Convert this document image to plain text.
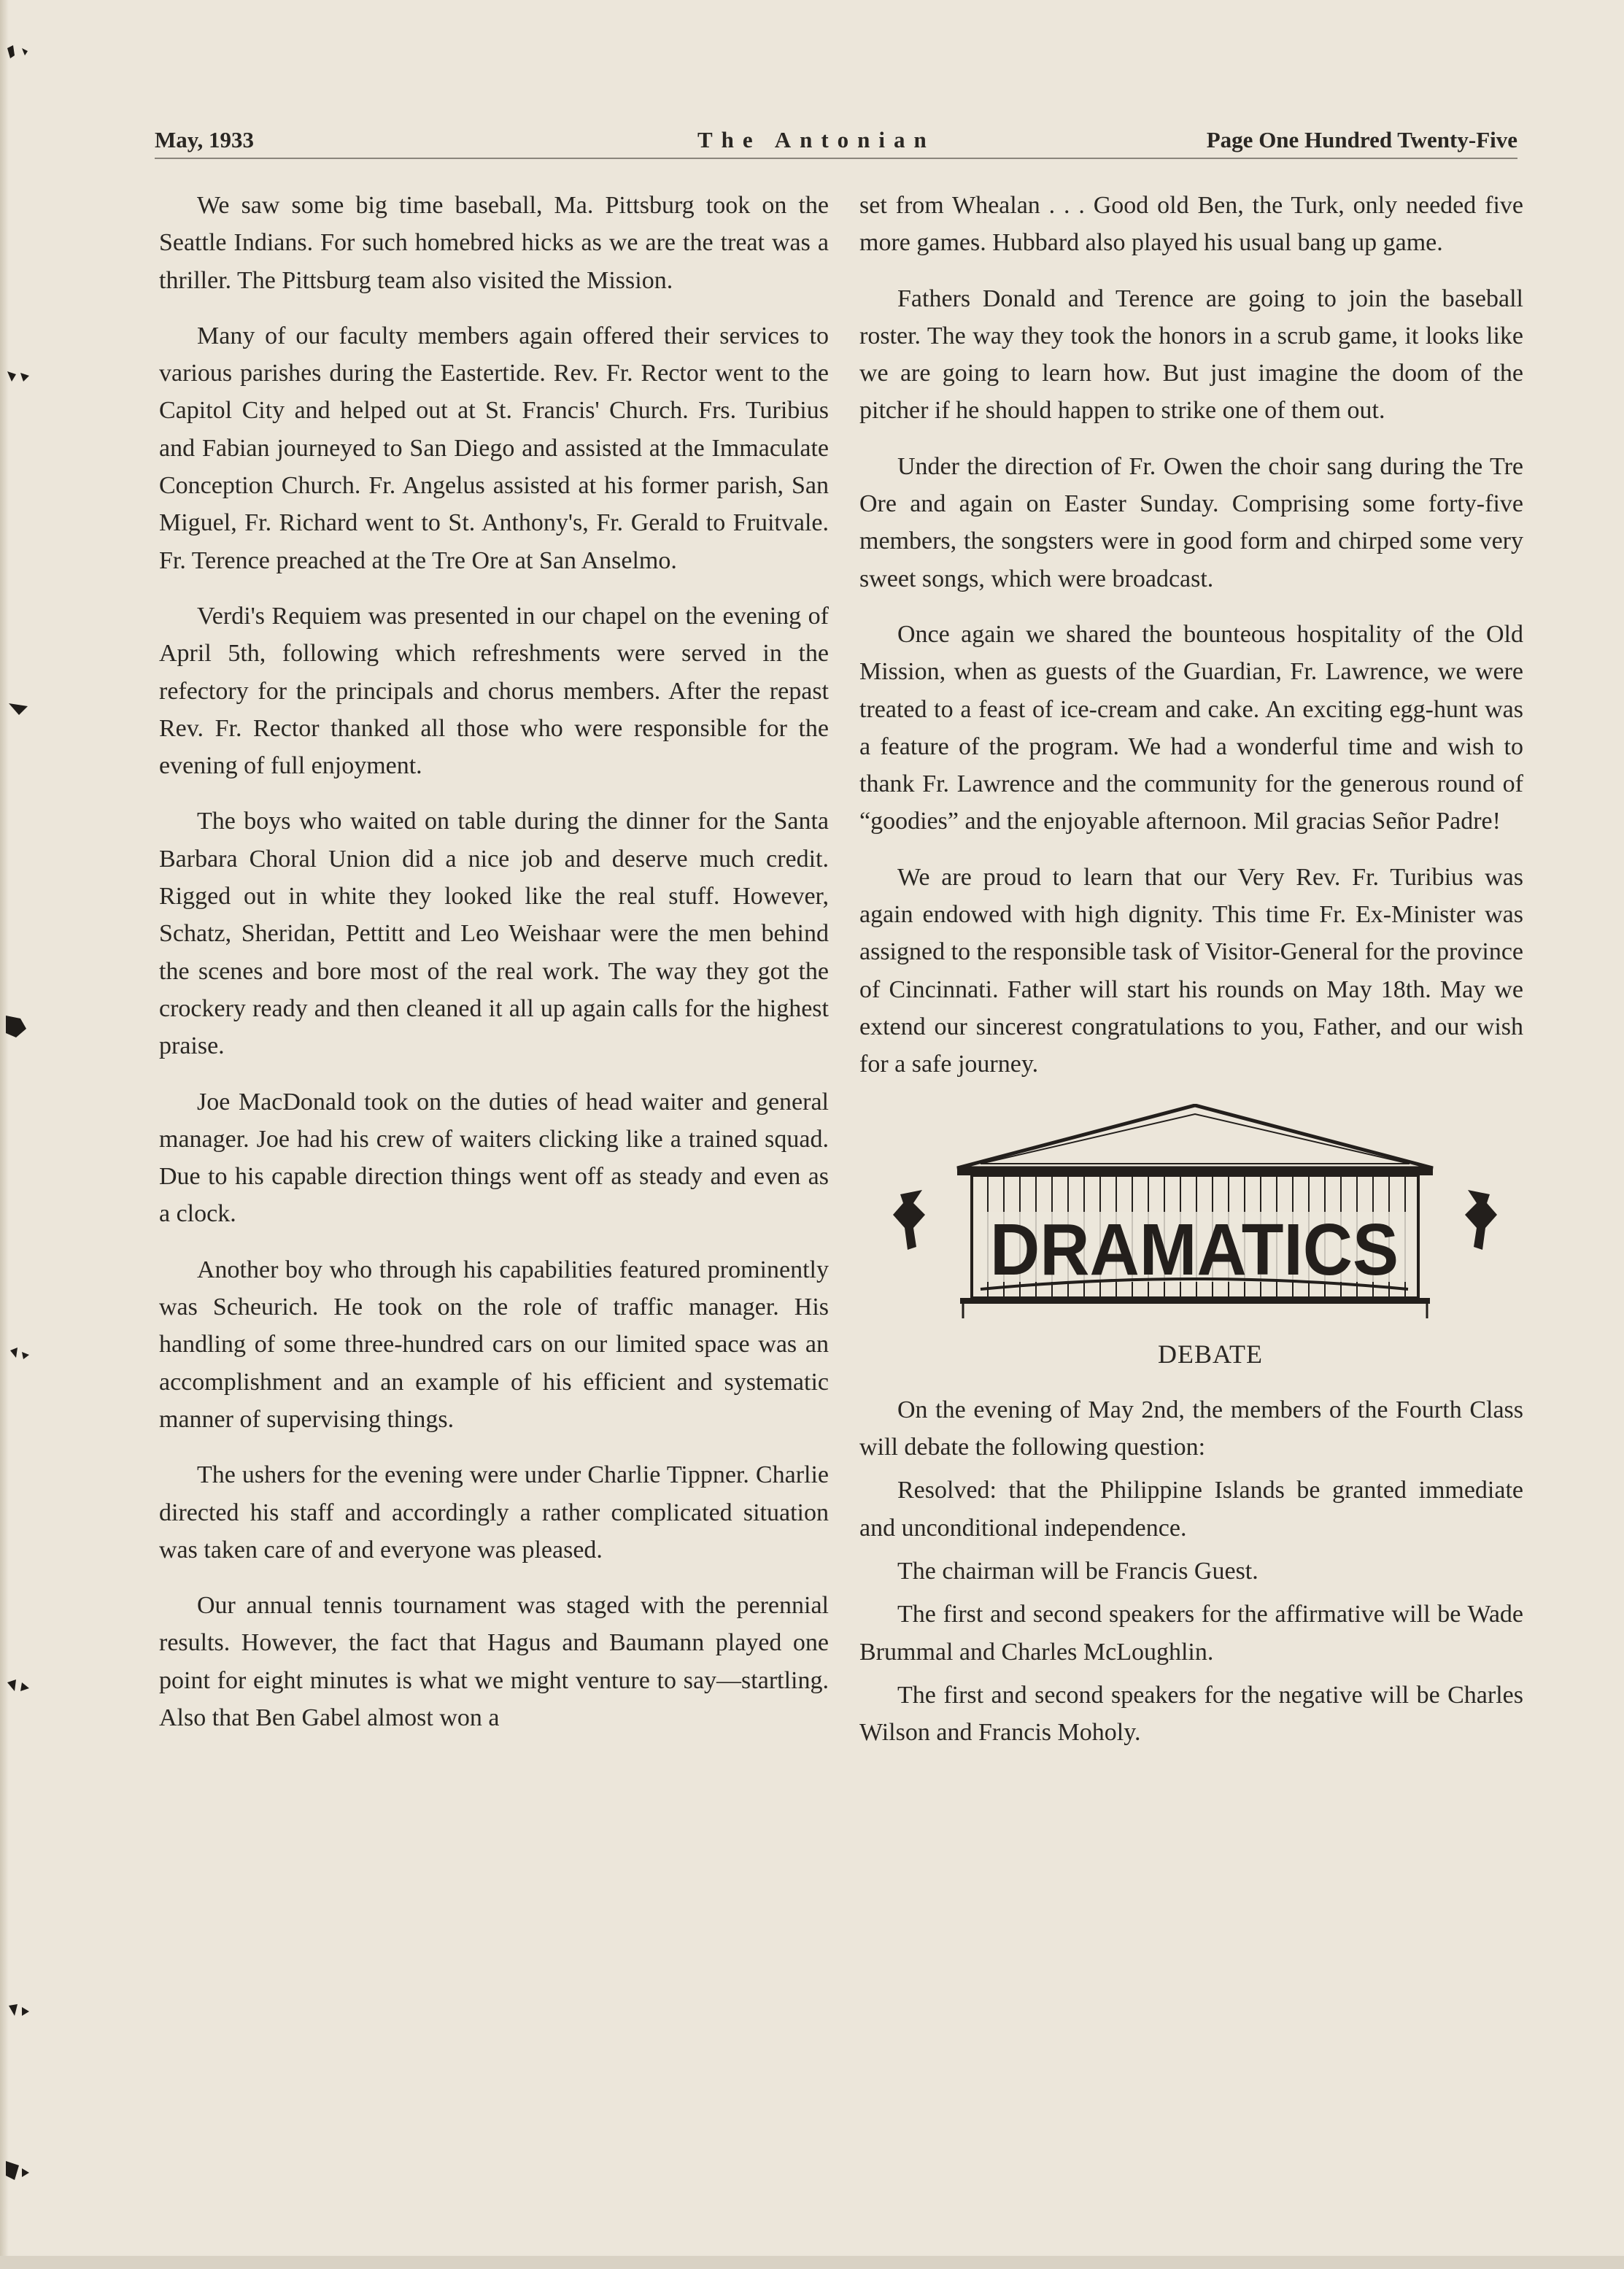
May, 1933	The Antonian	Page One Hundred Twenty-Five

We saw some big time baseball, Ma. Pittsburg took on the Seattle Indians. For such homebred hicks as we are the treat was a thriller. The Pittsburg team also visited the Mission.

Many of our faculty members again offered their services to various parishes during the Eastertide. Rev. Fr. Rector went to the Capitol City and helped out at St. Francis' Church. Frs. Turibius and Fabian journeyed to San Diego and assisted at the Immaculate Conception Church. Fr. Angelus assisted at his former parish, San Miguel, Fr. Richard went to St. Anthony's, Fr. Gerald to Fruitvale. Fr. Terence preached at the Tre Ore at San Anselmo.

Verdi's Requiem was presented in our chapel on the evening of April 5th, following which refreshments were served in the refectory for the principals and chorus members. After the repast Rev. Fr. Rector thanked all those who were responsible for the evening of full enjoyment.

The boys who waited on table during the dinner for the Santa Barbara Choral Union did a nice job and deserve much credit. Rigged out in white they looked like the real stuff. However, Schatz, Sheridan, Pettitt and Leo Weishaar were the men behind the scenes and bore most of the real work. The way they got the crockery ready and then cleaned it all up again calls for the highest praise.

Joe MacDonald took on the duties of head waiter and general manager. Joe had his crew of waiters clicking like a trained squad. Due to his capable direction things went off as steady and even as a clock.

Another boy who through his capabilities featured prominently was Scheurich. He took on the role of traffic manager. His handling of some three-hundred cars on our limited space was an accomplishment and an example of his efficient and systematic manner of supervising things.

The ushers for the evening were under Charlie Tippner. Charlie directed his staff and accordingly a rather complicated situation was taken care of and everyone was pleased.

Our annual tennis tournament was staged with the perennial results. However, the fact that Hagus and Baumann played one point for eight minutes is what we might venture to say—startling. Also that Ben Gabel almost won a

set from Whealan . . . Good old Ben, the Turk, only needed five more games. Hubbard also played his usual bang up game.

Fathers Donald and Terence are going to join the baseball roster. The way they took the honors in a scrub game, it looks like we are going to learn how. But just imagine the doom of the pitcher if he should happen to strike one of them out.

Under the direction of Fr. Owen the choir sang during the Tre Ore and again on Easter Sunday. Comprising some forty-five members, the songsters were in good form and chirped some very sweet songs, which were broadcast.

Once again we shared the bounteous hospitality of the Old Mission, when as guests of the Guardian, Fr. Lawrence, we were treated to a feast of ice-cream and cake. An exciting egg-hunt was a feature of the program. We had a wonderful time and wish to thank Fr. Lawrence and the community for the generous round of “goodies” and the enjoyable afternoon. Mil gracias Señor Padre!

We are proud to learn that our Very Rev. Fr. Turibius was again endowed with high dignity. This time Fr. Ex-Minister was assigned to the responsible task of Visitor-General for the province of Cincinnati. Father will start his rounds on May 18th. May we extend our sincerest congratulations to you, Father, and our wish for a safe journey.

DRAMATICS

DEBATE

On the evening of May 2nd, the members of the Fourth Class will debate the following question:

Resolved: that the Philippine Islands be granted immediate and unconditional independence.

The chairman will be Francis Guest.

The first and second speakers for the affirmative will be Wade Brummal and Charles McLoughlin.

The first and second speakers for the negative will be Charles Wilson and Francis Moholy.
